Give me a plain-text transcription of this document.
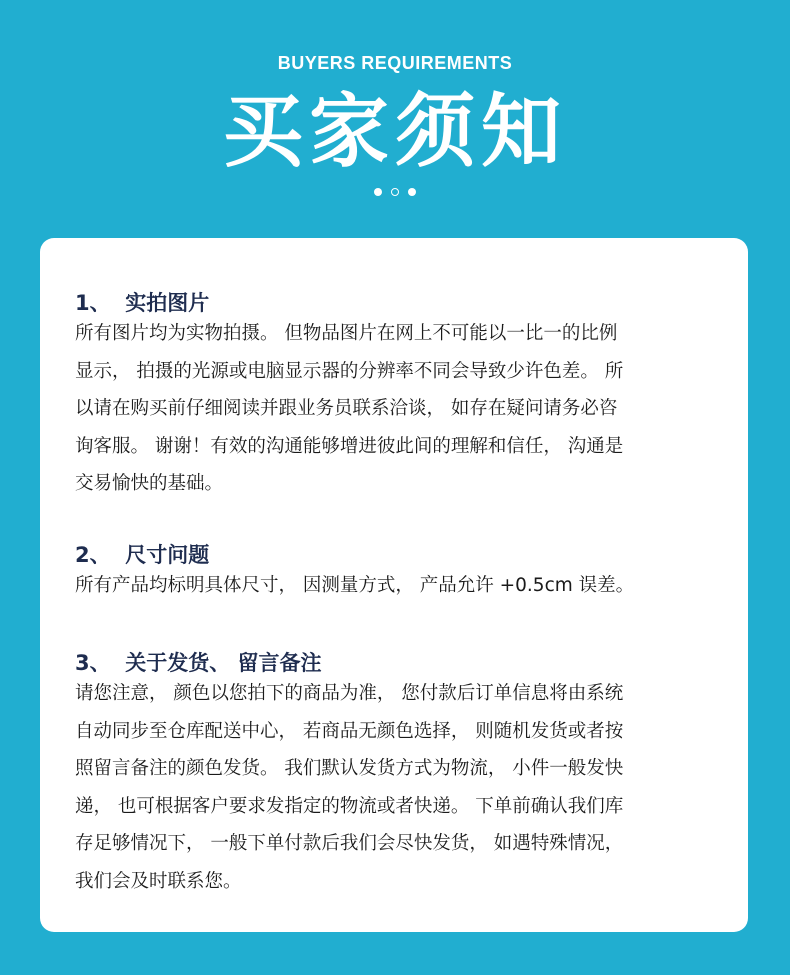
BUYERS REQUIREMENTS
买家须知
1、  实拍图片
所有图片均为实物拍摄。 但物品图片在网上不可能以一比一的比例
显示， 拍摄的光源或电脑显示器的分辨率不同会导致少许色差。 所
以请在购买前仔细阅读并跟业务员联系洽谈， 如存在疑问请务必咨
询客服。 谢谢！有效的沟通能够增进彼此间的理解和信任， 沟通是
交易愉快的基础。
2、  尺寸问题
所有产品均标明具体尺寸， 因测量方式， 产品允许 +0.5cm 误差。
3、  关于发货、 留言备注
请您注意， 颜色以您拍下的商品为准， 您付款后订单信息将由系统
自动同步至仓库配送中心， 若商品无颜色选择， 则随机发货或者按
照留言备注的颜色发货。 我们默认发货方式为物流， 小件一般发快
递， 也可根据客户要求发指定的物流或者快递。 下单前确认我们库
存足够情况下， 一般下单付款后我们会尽快发货， 如遇特殊情况，
我们会及时联系您。
